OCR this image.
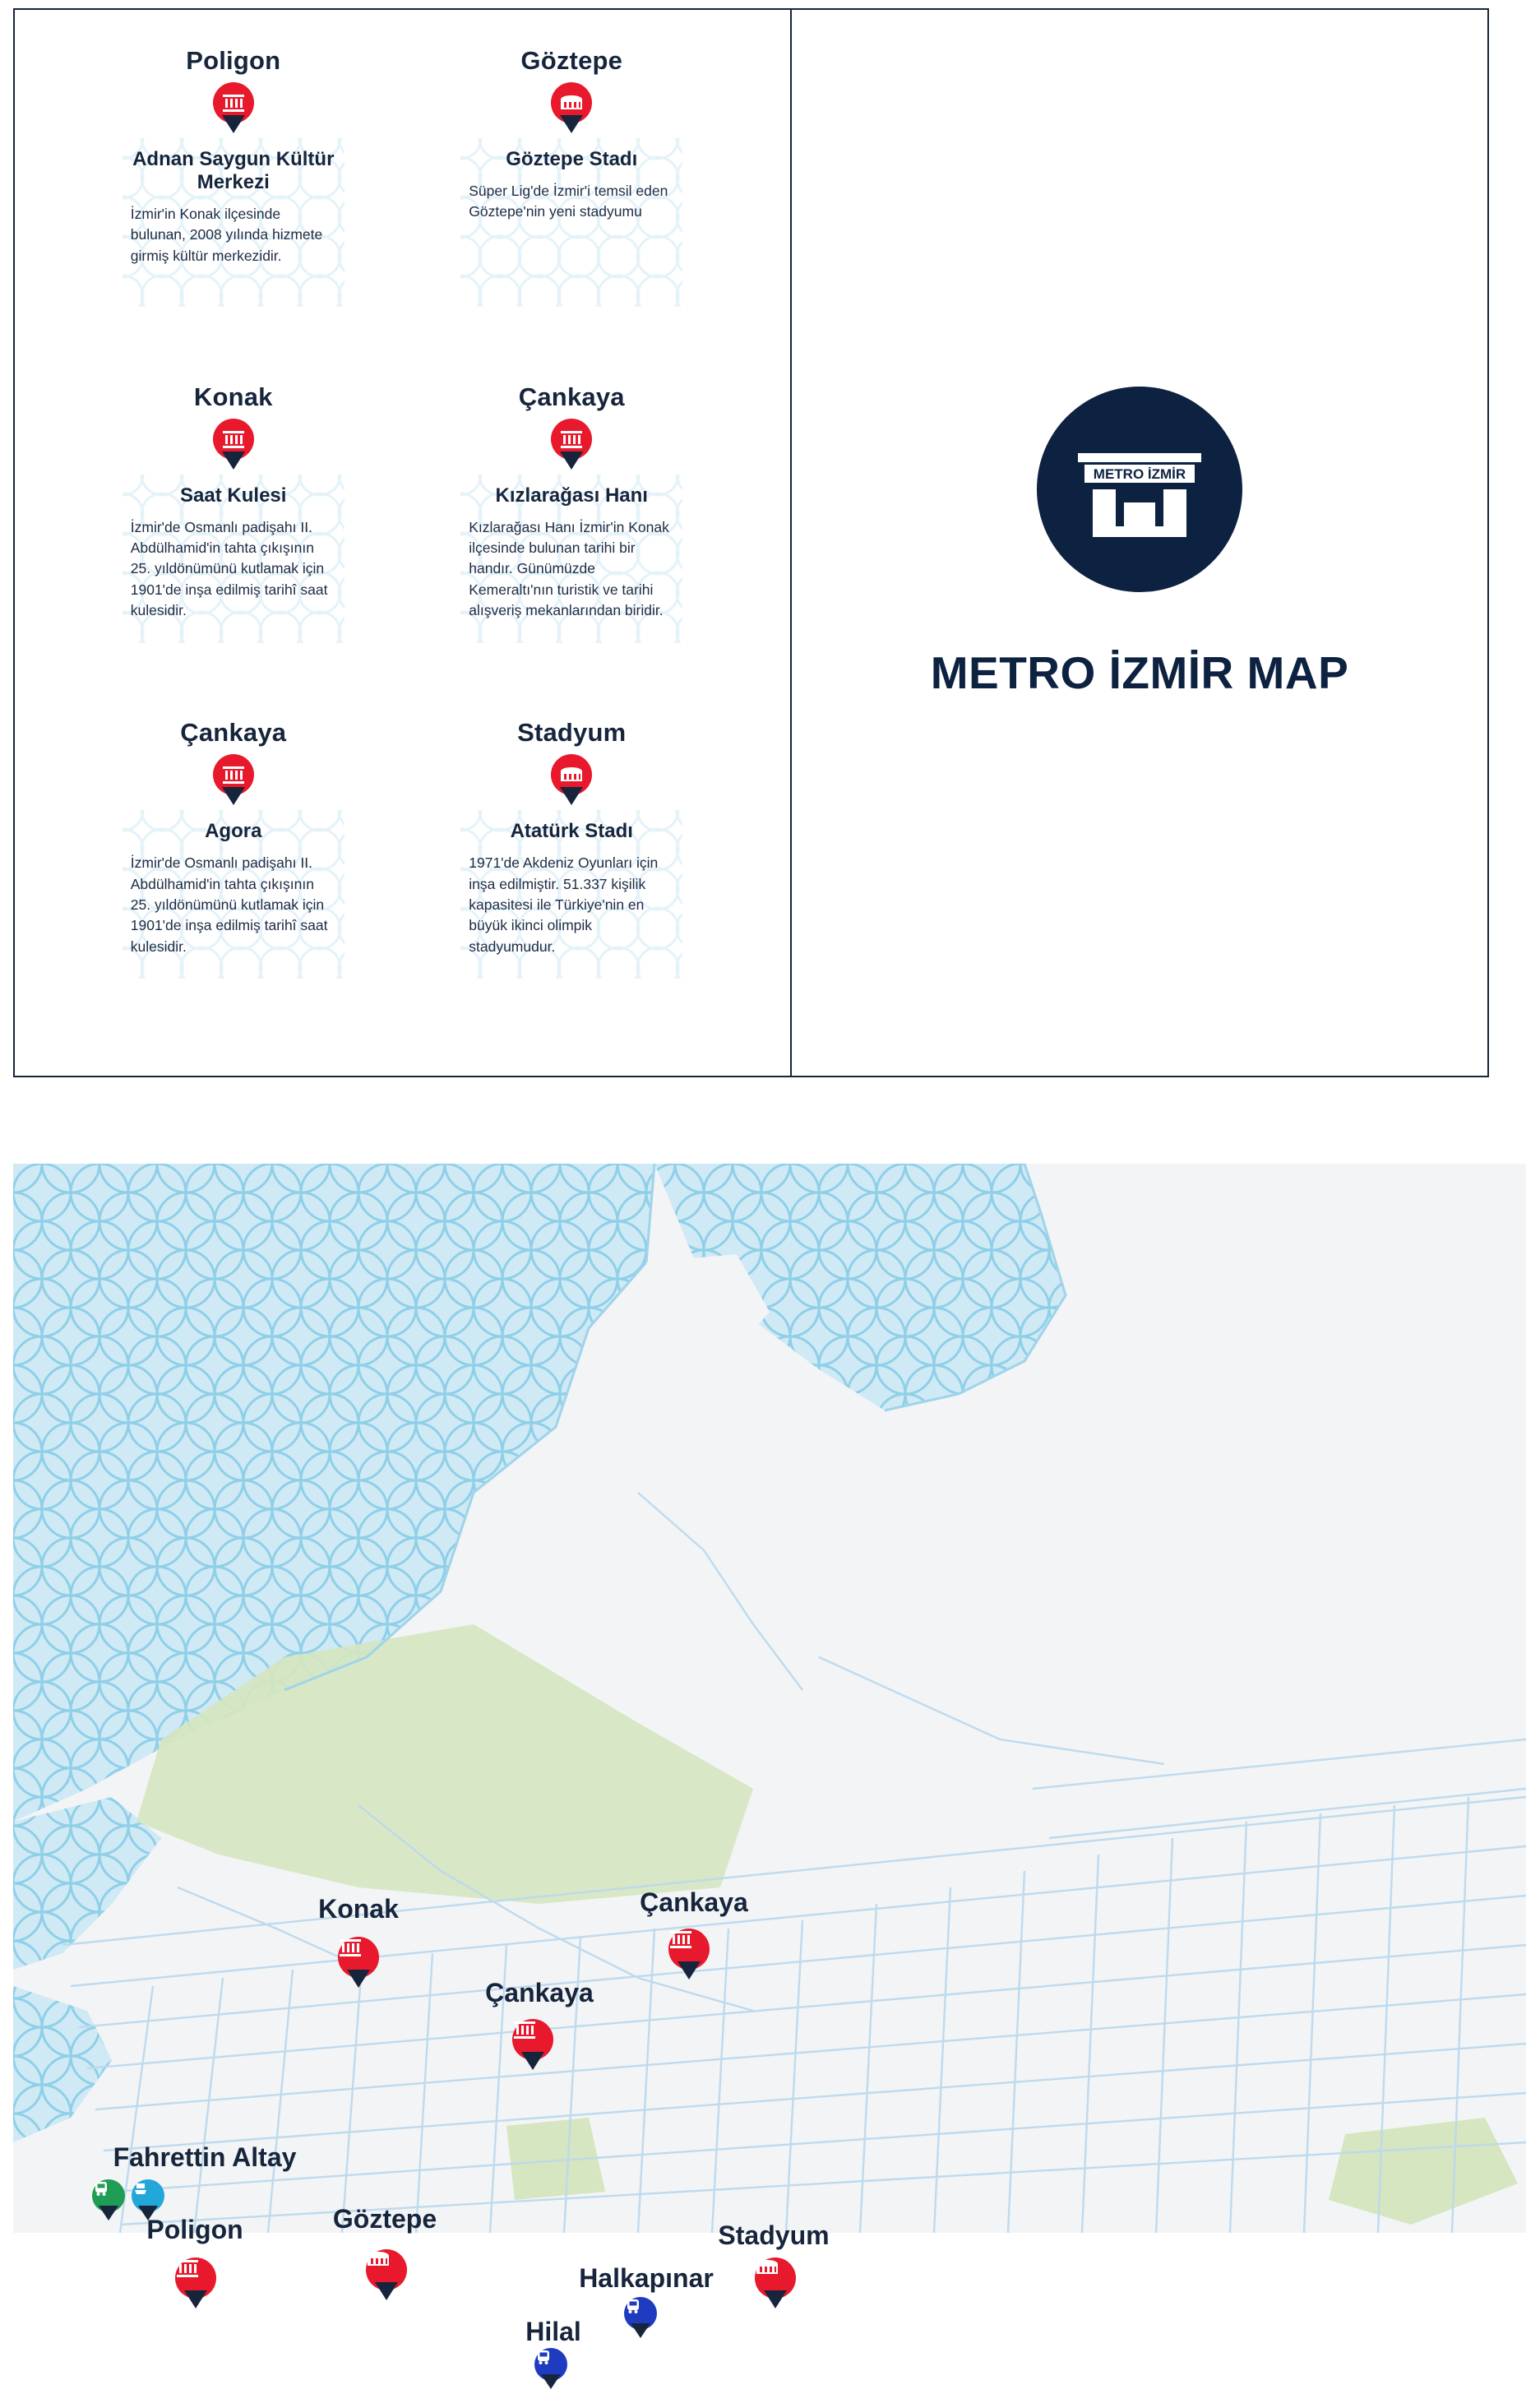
Poligon
Adnan Saygun Kültür Merkezi
İzmir'in Konak ilçesinde bulunan, 2008 yılında hizmete girmiş kültür merkezidir.
Göztepe
Göztepe Stadı
Süper Lig'de İzmir'i temsil eden Göztepe'nin yeni stadyumu
Konak
Saat Kulesi
İzmir'de Osmanlı padişahı II. Abdülhamid'in tahta çıkışının 25. yıldönümünü kutlamak için 1901'de inşa edilmiş tarihî saat kulesidir.
Çankaya
Kızlarağası Hanı
Kızlarağası Hanı İzmir'in Konak ilçesinde bulunan tarihi bir handır. Günümüzde Kemeraltı'nın turistik ve tarihi alışveriş mekanlarından biridir.
Çankaya
Agora
İzmir'de Osmanlı padişahı II. Abdülhamid'in tahta çıkışının 25. yıldönümünü kutlamak için 1901'de inşa edilmiş tarihî saat kulesidir.
Stadyum
Atatürk Stadı
1971'de Akdeniz Oyunları için inşa edilmiştir. 51.337 kişilik kapasitesi ile Türkiye'nin en büyük ikinci olimpik stadyumudur.
METRO İZMİR
METRO İZMİR MAP
Konak	Çankaya
Çankaya
Fahrettin Altay
Poligon	Göztepe
Halkapınar
Hilal
Stadyum
